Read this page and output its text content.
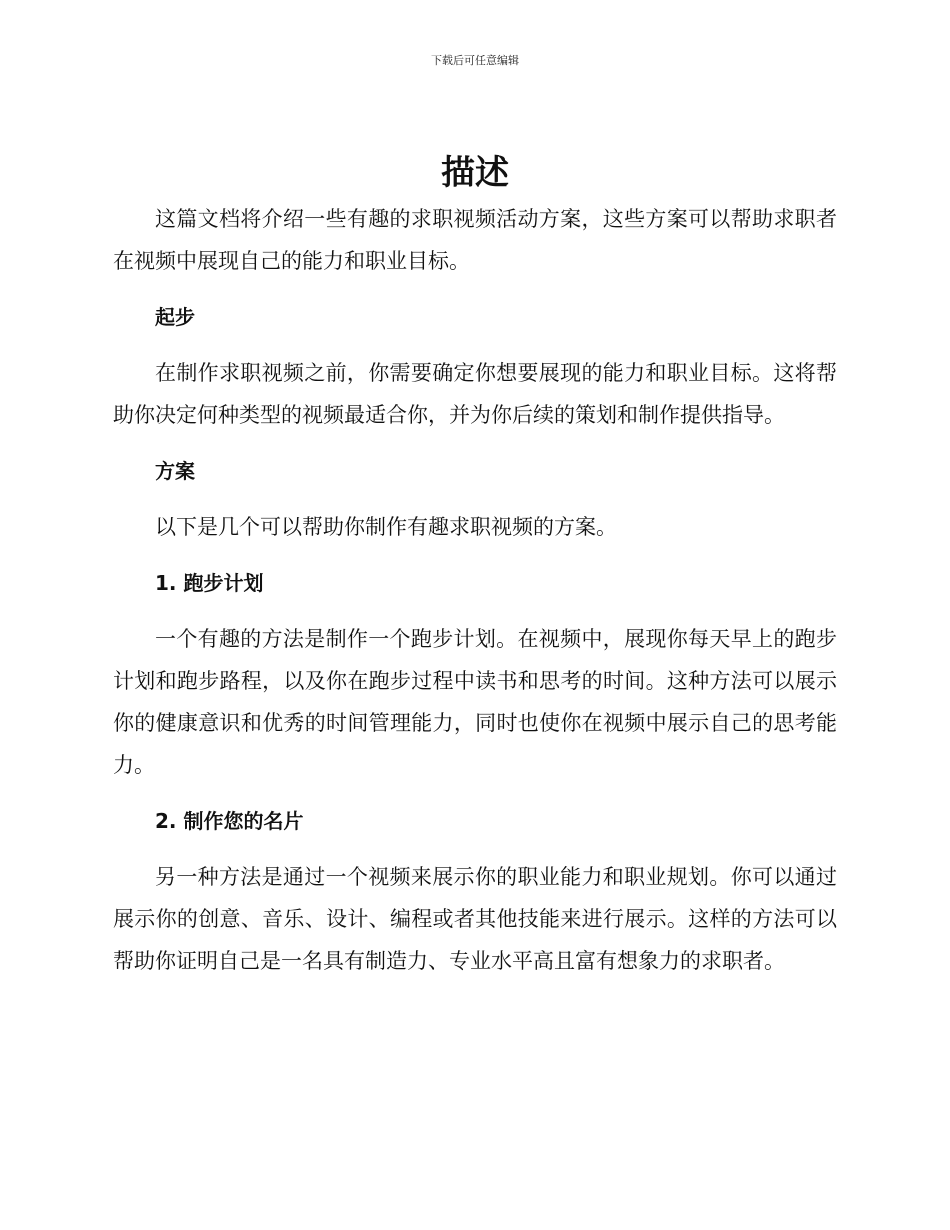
下载后可任意编辑
描述

这篇文档将介绍一些有趣的求职视频活动方案，这些方案可以帮助求职者在视频中展现自己的能力和职业目标。

起步

在制作求职视频之前，你需要确定你想要展现的能力和职业目标。这将帮助你决定何种类型的视频最适合你，并为你后续的策划和制作提供指导。

方案

以下是几个可以帮助你制作有趣求职视频的方案。

1. 跑步计划

一个有趣的方法是制作一个跑步计划。在视频中，展现你每天早上的跑步计划和跑步路程，以及你在跑步过程中读书和思考的时间。这种方法可以展示你的健康意识和优秀的时间管理能力，同时也使你在视频中展示自己的思考能力。

2. 制作您的名片

另一种方法是通过一个视频来展示你的职业能力和职业规划。你可以通过展示你的创意、音乐、设计、编程或者其他技能来进行展示。这样的方法可以帮助你证明自己是一名具有制造力、专业水平高且富有想象力的求职者。
